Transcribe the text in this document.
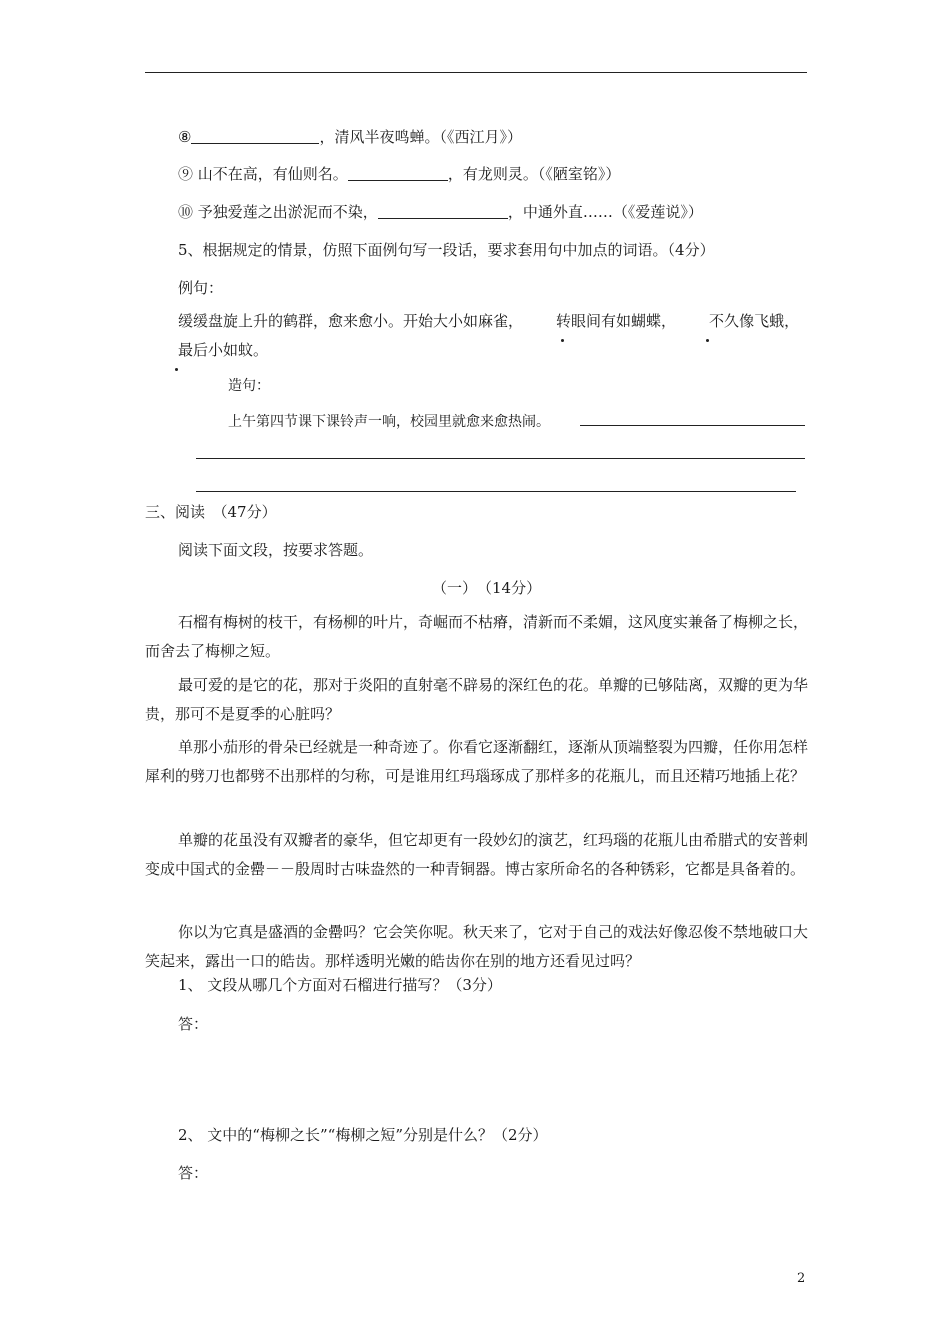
⑧	，清风半夜鸣蝉。（《西江月》）
⑨ 山不在高，有仙则名。	，有龙则灵。（《陋室铭》）
⑩ 予独爱莲之出淤泥而不染，	，中通外直……（《爱莲说》）
5、根据规定的情景，仿照下面例句写一段话，要求套用句中加点的词语。（4分）
例句：
缓缓盘旋上升的鹤群，愈来愈小。开始大小如麻雀， 转眼间有如蝴蝶， 不久像飞蛾，最后小如蚊。
造句：
上午第四节课下课铃声一响，校园里就愈来愈热闹。
三、阅读　（47分）
阅读下面文段，按要求答题。
（一）　（14分）
石榴有梅树的枝干，有杨柳的叶片，奇崛而不枯瘠，清新而不柔媚，这风度实兼备了梅柳之长，而舍去了梅柳之短。
最可爱的是它的花，那对于炎阳的直射毫不辟易的深红色的花。单瓣的已够陆离，双瓣的更为华贵，那可不是夏季的心脏吗？
单那小茄形的骨朵已经就是一种奇迹了。你看它逐渐翻红，逐渐从顶端整裂为四瓣，任你用怎样犀利的劈刀也都劈不出那样的匀称，可是谁用红玛瑙琢成了那样多的花瓶儿，而且还精巧地插上花？
单瓣的花虽没有双瓣者的豪华，但它却更有一段妙幻的演艺，红玛瑙的花瓶儿由希腊式的安普剌变成中国式的金罍－－殷周时古味盎然的一种青铜器。博古家所命名的各种锈彩，它都是具备着的。
你以为它真是盛酒的金罍吗？它会笑你呢。秋天来了，它对于自己的戏法好像忍俊不禁地破口大笑起来，露出一口的皓齿。那样透明光嫩的皓齿你在别的地方还看见过吗？
1、 文段从哪几个方面对石榴进行描写？（3分）
答：
2、 文中的“梅柳之长”“梅柳之短”分别是什么？（2分）
答：
2
